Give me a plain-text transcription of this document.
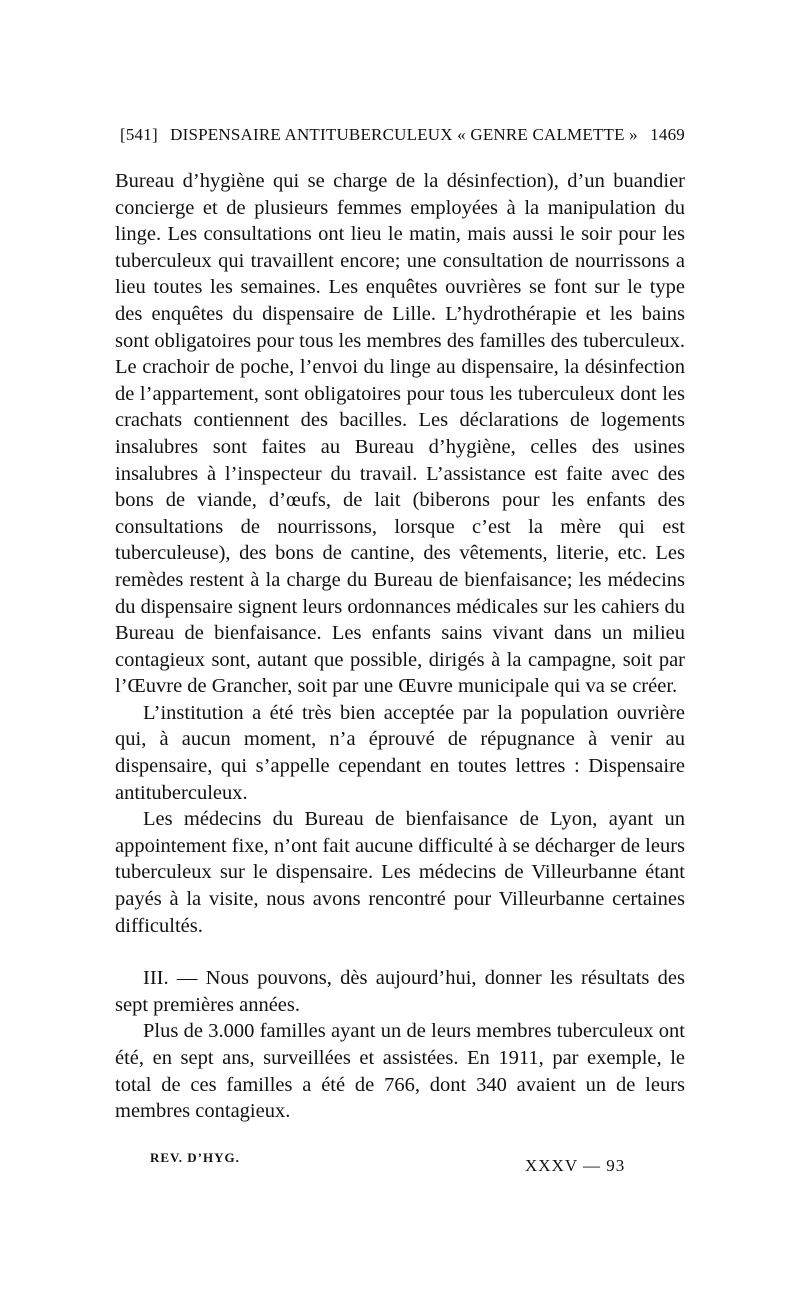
[541] DISPENSAIRE ANTITUBERCULEUX « GENRE CALMETTE » 1469

Bureau d’hygiène qui se charge de la désinfection), d’un buandier concierge et de plusieurs femmes employées à la manipulation du linge. Les consultations ont lieu le matin, mais aussi le soir pour les tuberculeux qui travaillent encore; une consultation de nourrissons a lieu toutes les semaines. Les enquêtes ouvrières se font sur le type des enquêtes du dispensaire de Lille. L’hydrothérapie et les bains sont obligatoires pour tous les membres des familles des tuberculeux. Le crachoir de poche, l’envoi du linge au dispensaire, la désinfection de l’appartement, sont obligatoires pour tous les tuberculeux dont les crachats contiennent des bacilles. Les déclarations de logements insalubres sont faites au Bureau d’hygiène, celles des usines insalubres à l’inspecteur du travail. L’assistance est faite avec des bons de viande, d’œufs, de lait (biberons pour les enfants des consultations de nourrissons, lorsque c’est la mère qui est tuberculeuse), des bons de cantine, des vêtements, literie, etc. Les remèdes restent à la charge du Bureau de bienfaisance; les médecins du dispensaire signent leurs ordonnances médicales sur les cahiers du Bureau de bienfaisance. Les enfants sains vivant dans un milieu contagieux sont, autant que possible, dirigés à la campagne, soit par l’Œuvre de Grancher, soit par une Œuvre municipale qui va se créer.

L’institution a été très bien acceptée par la population ouvrière qui, à aucun moment, n’a éprouvé de répugnance à venir au dispensaire, qui s’appelle cependant en toutes lettres : Dispensaire antituberculeux.

Les médecins du Bureau de bienfaisance de Lyon, ayant un appointement fixe, n’ont fait aucune difficulté à se décharger de leurs tuberculeux sur le dispensaire. Les médecins de Villeurbanne étant payés à la visite, nous avons rencontré pour Villeurbanne certaines difficultés.

III. — Nous pouvons, dès aujourd’hui, donner les résultats des sept premières années.

Plus de 3.000 familles ayant un de leurs membres tuberculeux ont été, en sept ans, surveillées et assistées. En 1911, par exemple, le total de ces familles a été de 766, dont 340 avaient un de leurs membres contagieux.

REV. D’HYG.	XXXV — 93
